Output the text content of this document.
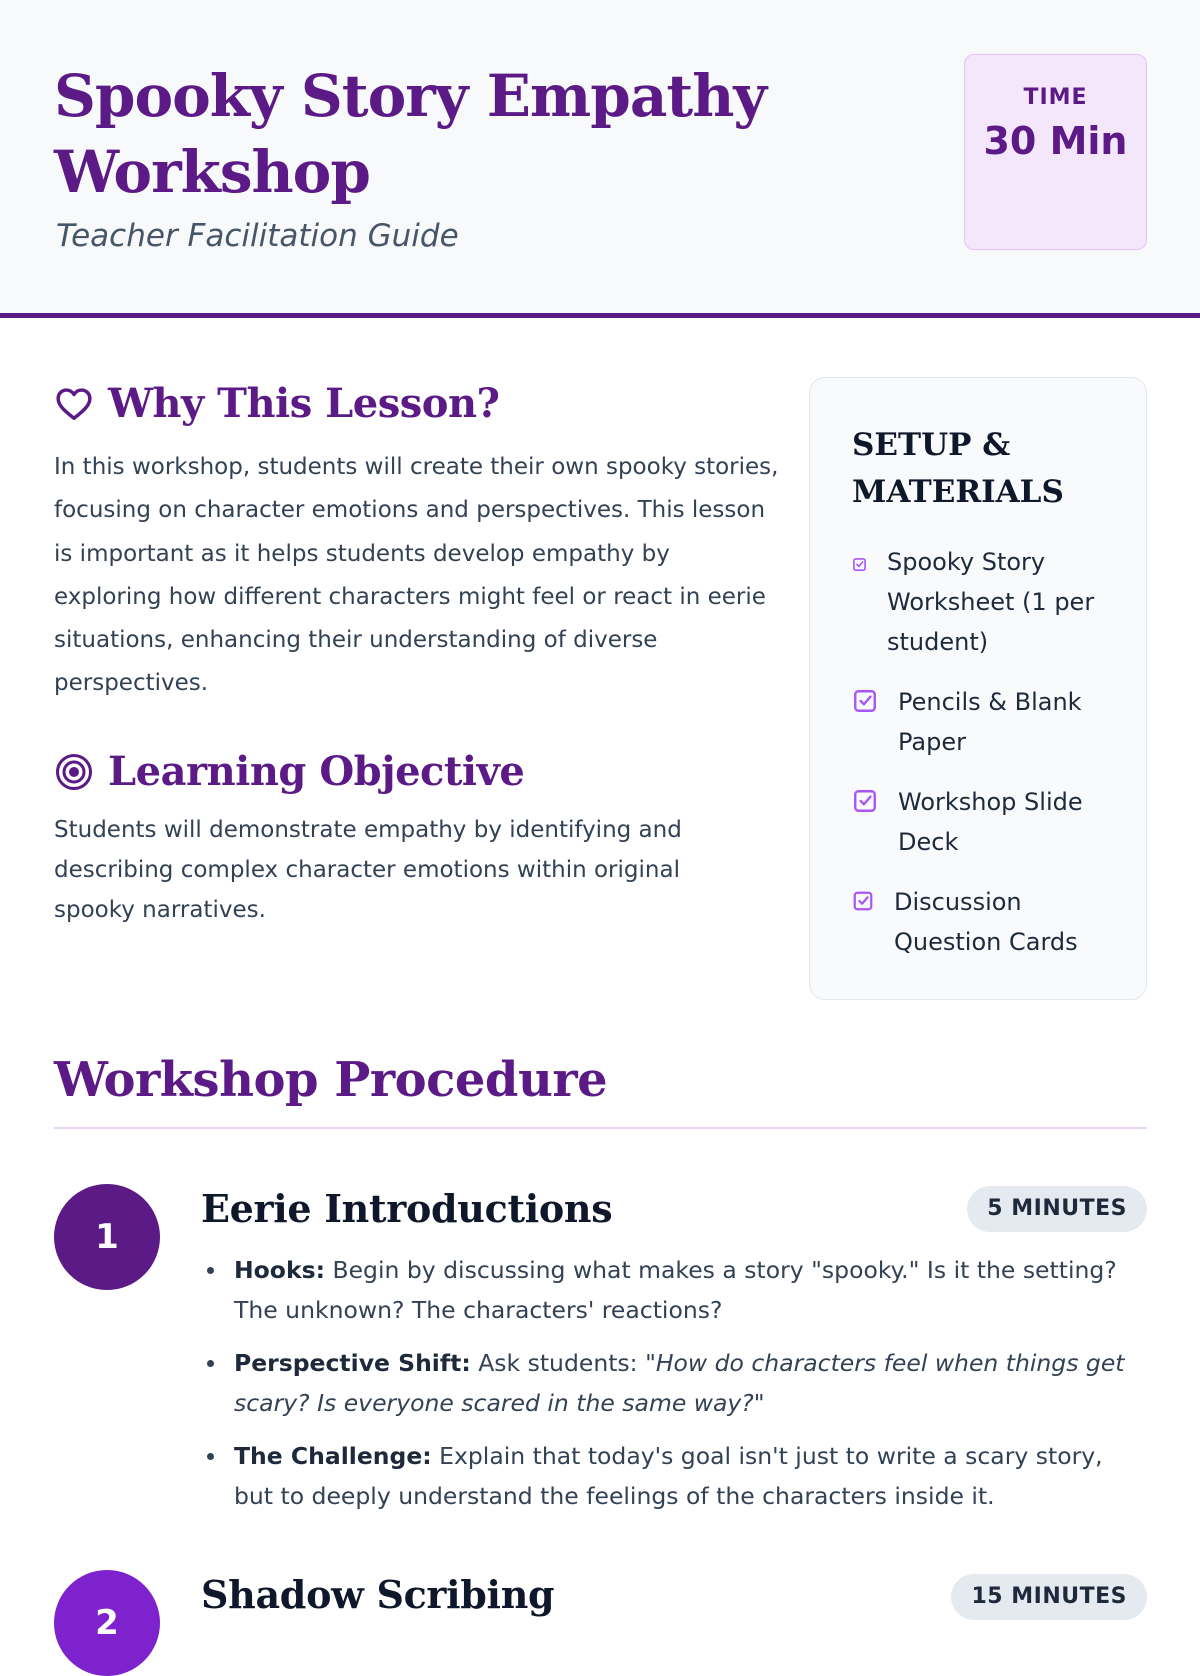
Spooky Story Empathy Workshop
Teacher Facilitation Guide
TIME
30 Min
Why This Lesson?

In this workshop, students will create their own spooky stories, focusing on character emotions and perspectives. This lesson is important as it helps students develop empathy by exploring how different characters might feel or react in eerie situations, enhancing their understanding of diverse perspectives.

Learning Objective

Students will demonstrate empathy by identifying and describing complex character emotions within original spooky narratives.

SETUP & MATERIALS
Spooky Story Worksheet (1 per student)
Pencils & Blank Paper
Workshop Slide Deck
Discussion Question Cards
Workshop Procedure
1
Eerie Introductions	5 MINUTES
Hooks: Begin by discussing what makes a story "spooky." Is it the setting? The unknown? The characters' reactions?
Perspective Shift: Ask students: "How do characters feel when things get scary? Is everyone scared in the same way?"
The Challenge: Explain that today's goal isn't just to write a scary story, but to deeply understand the feelings of the characters inside it.
2
Shadow Scribing	15 MINUTES
